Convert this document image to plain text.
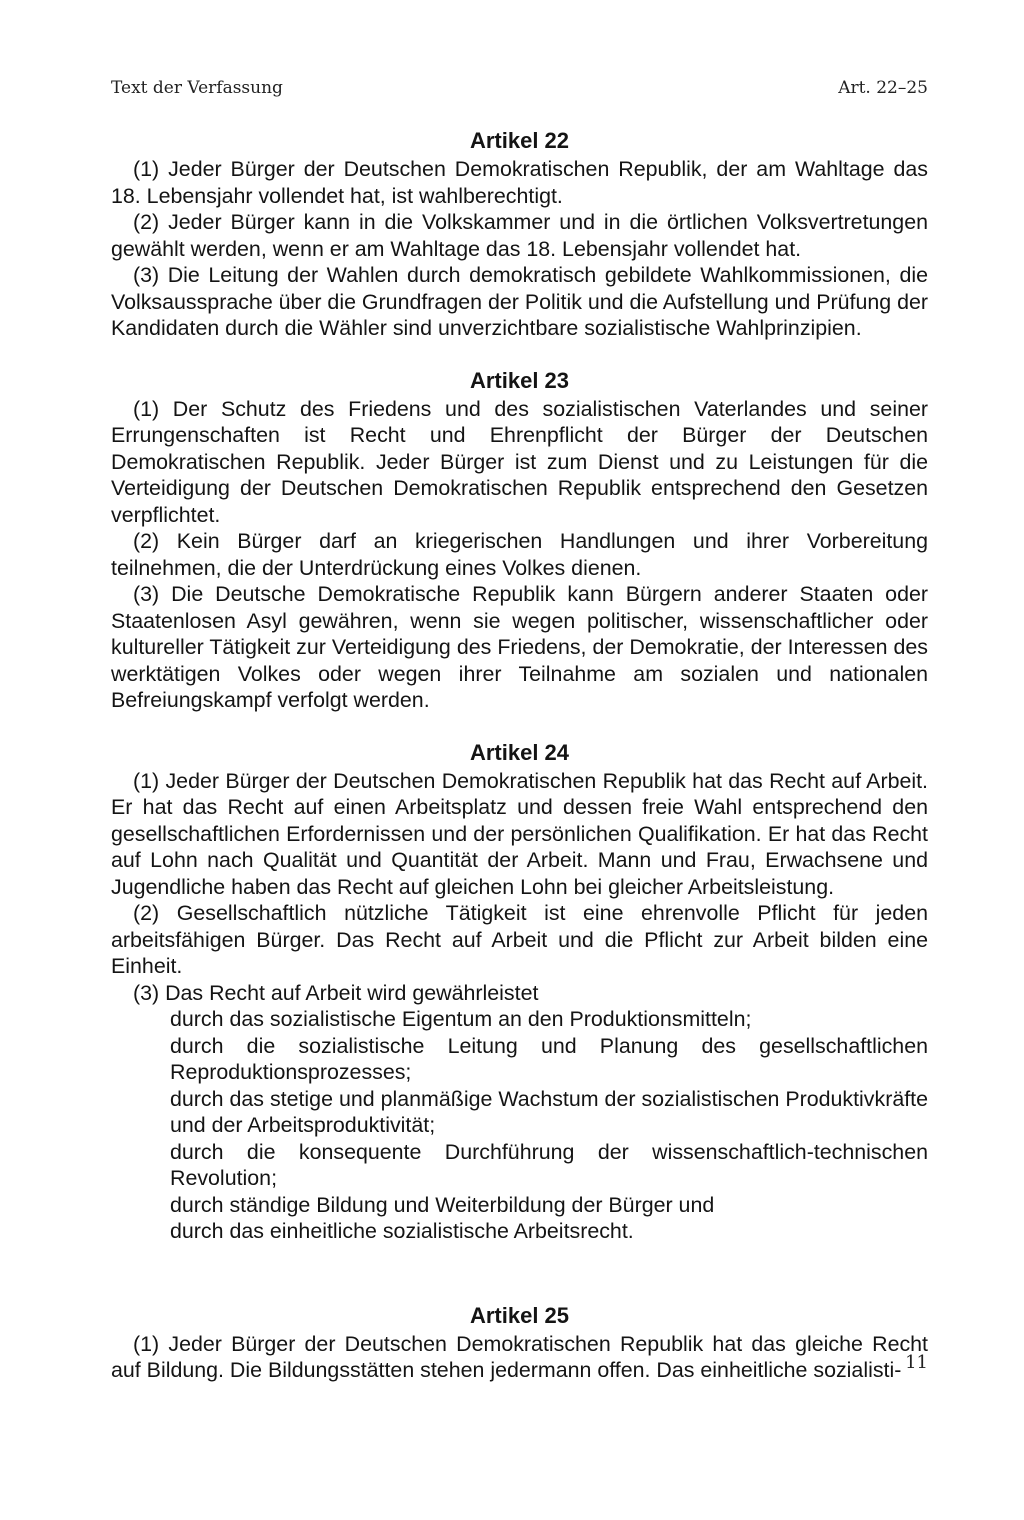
Text der Verfassung	Art. 22–25
Artikel 22

(1) Jeder Bürger der Deutschen Demokratischen Republik, der am Wahltage das 18. Lebensjahr vollendet hat, ist wahlberechtigt.

(2) Jeder Bürger kann in die Volkskammer und in die örtlichen Volksvertretungen gewählt werden, wenn er am Wahltage das 18. Lebensjahr vollendet hat.

(3) Die Leitung der Wahlen durch demokratisch gebildete Wahlkommissionen, die Volksaussprache über die Grundfragen der Politik und die Aufstellung und Prüfung der Kandidaten durch die Wähler sind unverzichtbare sozialistische Wahlprinzipien.

Artikel 23

(1) Der Schutz des Friedens und des sozialistischen Vaterlandes und seiner Errungenschaften ist Recht und Ehrenpflicht der Bürger der Deutschen Demokratischen Republik. Jeder Bürger ist zum Dienst und zu Leistungen für die Verteidigung der Deutschen Demokratischen Republik entsprechend den Gesetzen verpflichtet.

(2) Kein Bürger darf an kriegerischen Handlungen und ihrer Vorbereitung teilnehmen, die der Unterdrückung eines Volkes dienen.

(3) Die Deutsche Demokratische Republik kann Bürgern anderer Staaten oder Staatenlosen Asyl gewähren, wenn sie wegen politischer, wissenschaftlicher oder kultureller Tätigkeit zur Verteidigung des Friedens, der Demokratie, der Interessen des werktätigen Volkes oder wegen ihrer Teilnahme am sozialen und nationalen Befreiungskampf verfolgt werden.

Artikel 24

(1) Jeder Bürger der Deutschen Demokratischen Republik hat das Recht auf Arbeit. Er hat das Recht auf einen Arbeitsplatz und dessen freie Wahl entsprechend den gesellschaftlichen Erfordernissen und der persönlichen Qualifikation. Er hat das Recht auf Lohn nach Qualität und Quantität der Arbeit. Mann und Frau, Erwachsene und Jugendliche haben das Recht auf gleichen Lohn bei gleicher Arbeitsleistung.

(2) Gesellschaftlich nützliche Tätigkeit ist eine ehrenvolle Pflicht für jeden arbeitsfähigen Bürger. Das Recht auf Arbeit und die Pflicht zur Arbeit bilden eine Einheit.

(3) Das Recht auf Arbeit wird gewährleistet

durch das sozialistische Eigentum an den Produktionsmitteln;
durch die sozialistische Leitung und Planung des gesellschaftlichen Reproduktionsprozesses;
durch das stetige und planmäßige Wachstum der sozialistischen Produktivkräfte und der Arbeitsproduktivität;
durch die konsequente Durchführung der wissenschaftlich-technischen Revolution;
durch ständige Bildung und Weiterbildung der Bürger und
durch das einheitliche sozialistische Arbeitsrecht.
Artikel 25

(1) Jeder Bürger der Deutschen Demokratischen Republik hat das gleiche Recht auf Bildung. Die Bildungsstätten stehen jedermann offen. Das einheitliche sozialisti- 11
